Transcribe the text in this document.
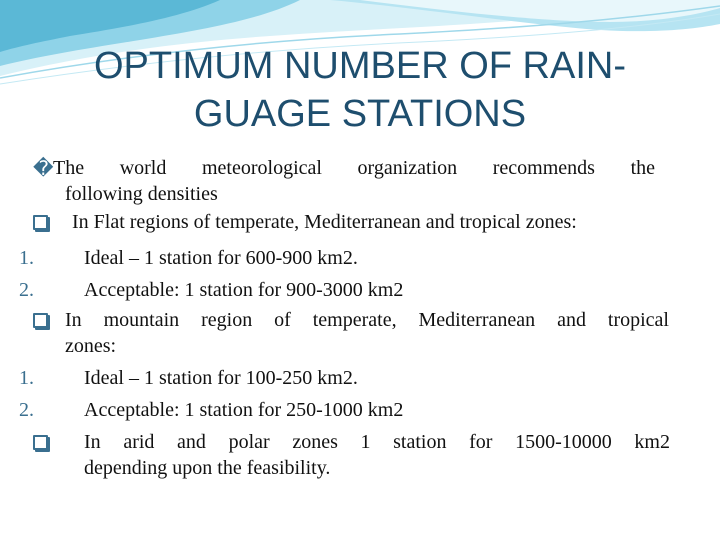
OPTIMUM NUMBER OF RAIN-
GUAGE STATIONS
� The world meteorological organization recommends the
following densities
In Flat regions of temperate, Mediterranean and tropical zones:
1.	Ideal – 1 station for 600-900 km2.
2.	Acceptable: 1 station for 900-3000 km2
In mountain region of temperate, Mediterranean and tropical
zones:
1.	Ideal – 1 station for 100-250 km2.
2.	Acceptable: 1 station for 250-1000 km2
In arid and polar zones 1 station for 1500-10000 km2
depending upon the feasibility.
